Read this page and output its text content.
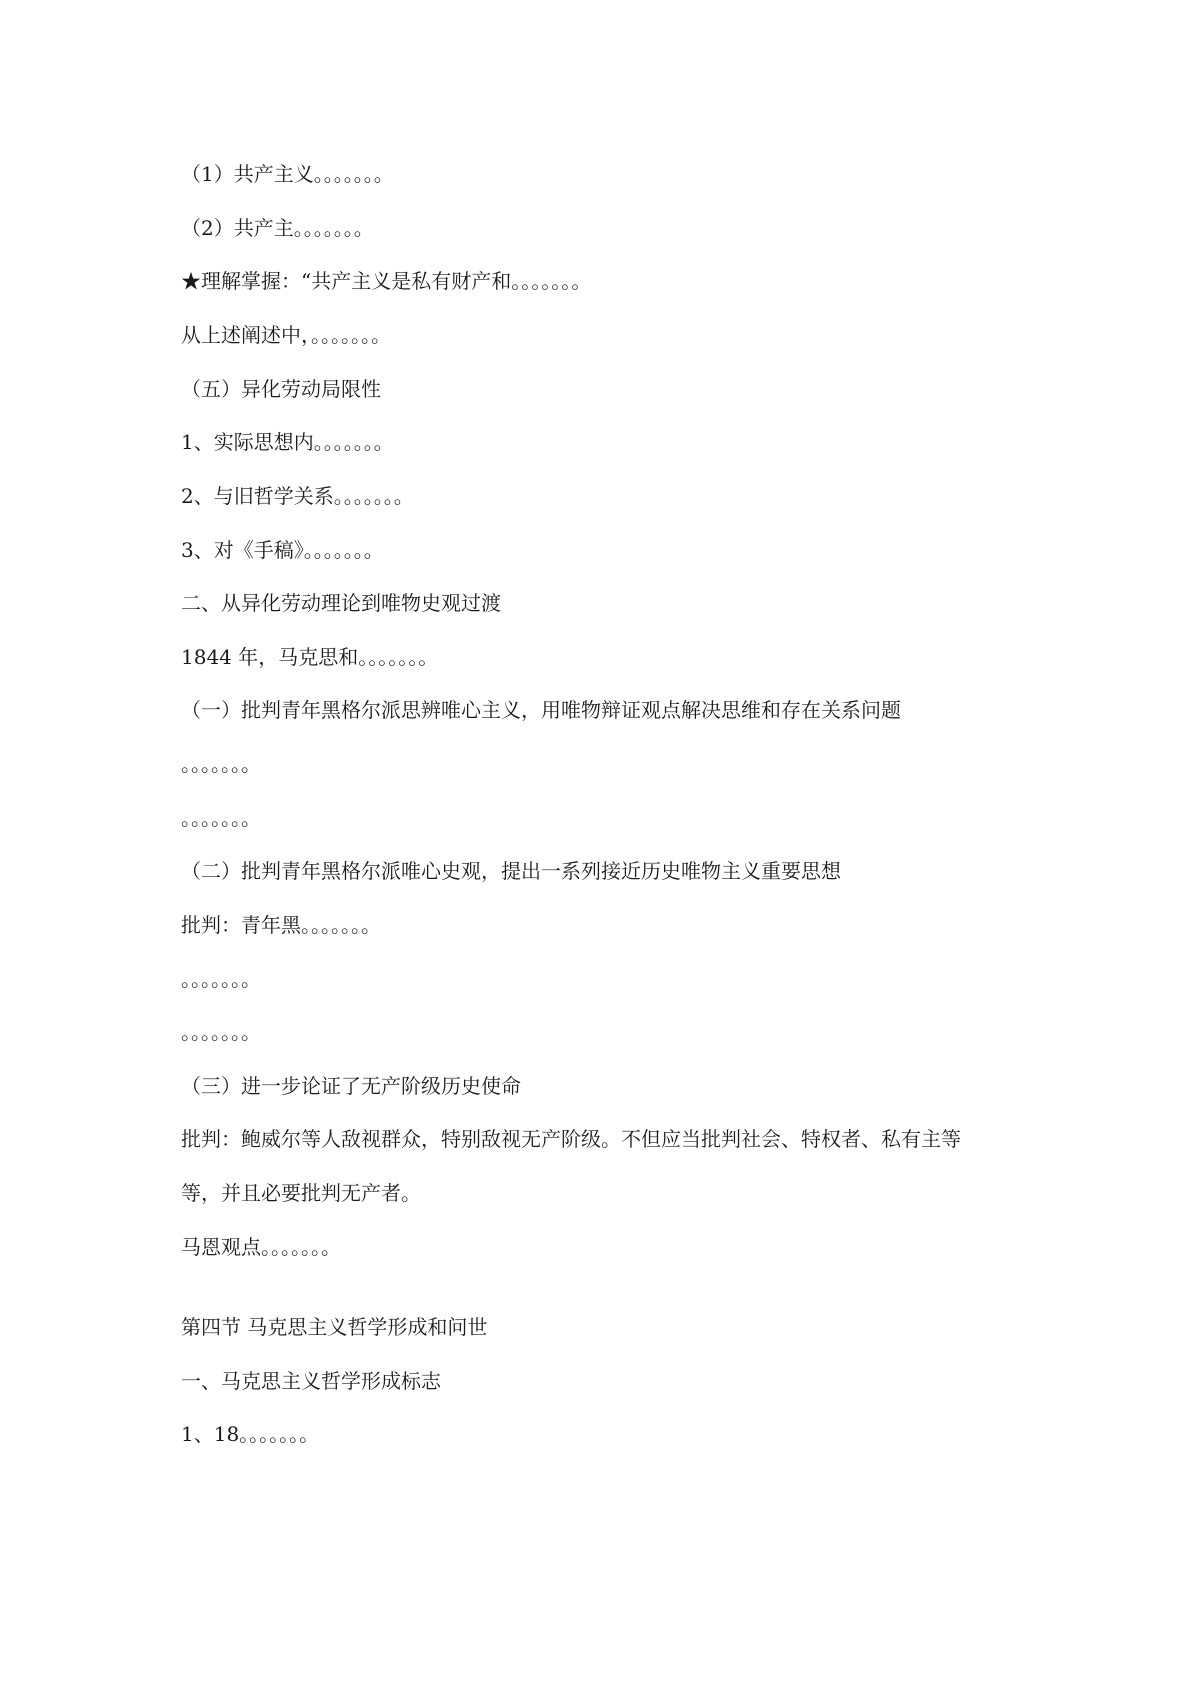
（1）共产主义。。。。。。。

（2）共产主。。。。。。。

★理解掌握：“共产主义是私有财产和。。。。。。。

从上述阐述中，。。。。。。。

（五）异化劳动局限性

1、实际思想内。。。。。。。

2、与旧哲学关系。。。。。。。

3、对《手稿》。。。。。。。

二、从异化劳动理论到唯物史观过渡

1844 年，马克思和。。。。。。。

（一）批判青年黑格尔派思辨唯心主义，用唯物辩证观点解决思维和存在关系问题

。。。。。。。

。。。。。。。

（二）批判青年黑格尔派唯心史观，提出一系列接近历史唯物主义重要思想

批判：青年黑。。。。。。。

。。。。。。。

。。。。。。。

（三）进一步论证了无产阶级历史使命

批判：鲍威尔等人敌视群众，特别敌视无产阶级。不但应当批判社会、特权者、私有主等

等，并且必要批判无产者。

马恩观点。。。。。。。

第四节 马克思主义哲学形成和问世

一、马克思主义哲学形成标志

1、18。。。。。。。
